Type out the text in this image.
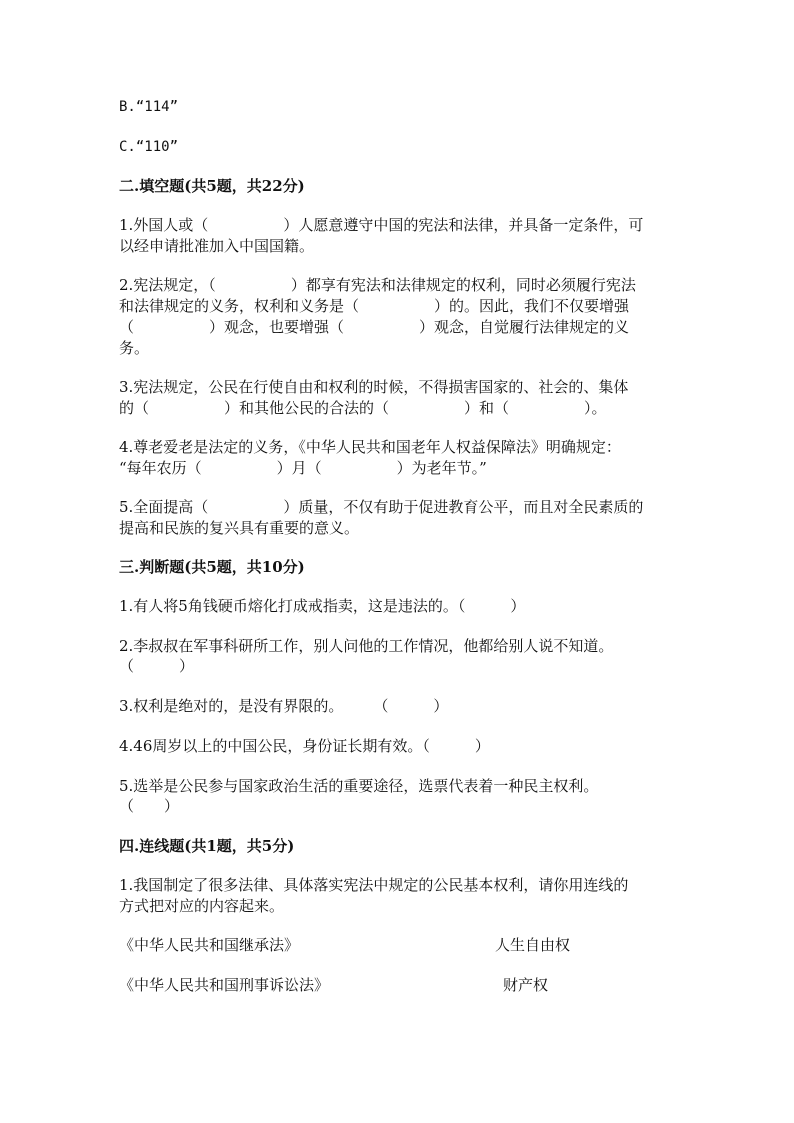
B.“114”
C.“110”
二.填空题(共5题，共22分)
1.外国人或（　　　　　）人愿意遵守中国的宪法和法律，并具备一定条件，可
以经申请批准加入中国国籍。
2.宪法规定，（　　　　　）都享有宪法和法律规定的权利，同时必须履行宪法
和法律规定的义务，权利和义务是（　　　　　）的。因此，我们不仅要增强
（　　　　　）观念，也要增强（　　　　　）观念，自觉履行法律规定的义
务。
3.宪法规定，公民在行使自由和权利的时候，不得损害国家的、社会的、集体
的（　　　　　）和其他公民的合法的（　　　　　）和（　　　　　）。
4.尊老爱老是法定的义务，《中华人民共和国老年人权益保障法》明确规定：
“每年农历（　　　　　）月（　　　　　）为老年节。”
5.全面提高（　　　　　）质量，不仅有助于促进教育公平，而且对全民素质的
提高和民族的复兴具有重要的意义。
三.判断题(共5题，共10分)
1.有人将5角钱硬币熔化打成戒指卖，这是违法的。（　　　）
2.李叔叔在军事科研所工作，别人问他的工作情况，他都给别人说不知道。
（　　　）
3.权利是绝对的，是没有界限的。　　　（　　　）
4.46周岁以上的中国公民，身份证长期有效。（　　　）
5.选举是公民参与国家政治生活的重要途径，选票代表着一种民主权利。
（　　）
四.连线题(共1题，共5分)
1.我国制定了很多法律、具体落实宪法中规定的公民基本权利，请你用连线的
方式把对应的内容起来。
《中华人民共和国继承法》	人生自由权
《中华人民共和国刑事诉讼法》	财产权
